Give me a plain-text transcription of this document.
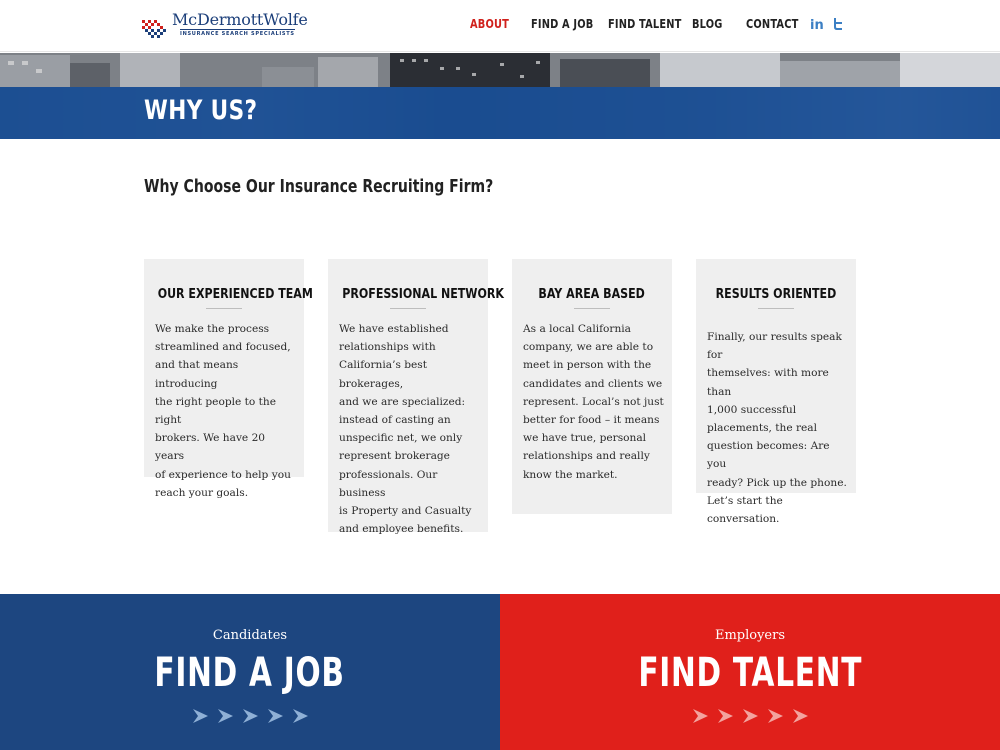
McDermottWolfe
INSURANCE SEARCH SPECIALISTS
ABOUT FIND A JOB FIND TALENT BLOG CONTACT in
WHY US?
Why Choose Our Insurance Recruiting Firm?
OUR EXPERIENCED TEAM
We make the process
streamlined and focused,
and that means introducing
the right people to the right
brokers. We have 20 years
of experience to help you
reach your goals.
PROFESSIONAL NETWORK
We have established
relationships with
California’s best brokerages,
and we are specialized:
instead of casting an
unspecific net, we only
represent brokerage
professionals. Our business
is Property and Casualty
and employee benefits.
BAY AREA BASED
As a local California
company, we are able to
meet in person with the
candidates and clients we
represent. Local’s not just
better for food – it means
we have true, personal
relationships and really
know the market.
RESULTS ORIENTED
Finally, our results speak for
themselves: with more than
1,000 successful
placements, the real
question becomes: Are you
ready? Pick up the phone.
Let’s start the conversation.
Candidates
FIND A JOB
Employers
FIND TALENT
